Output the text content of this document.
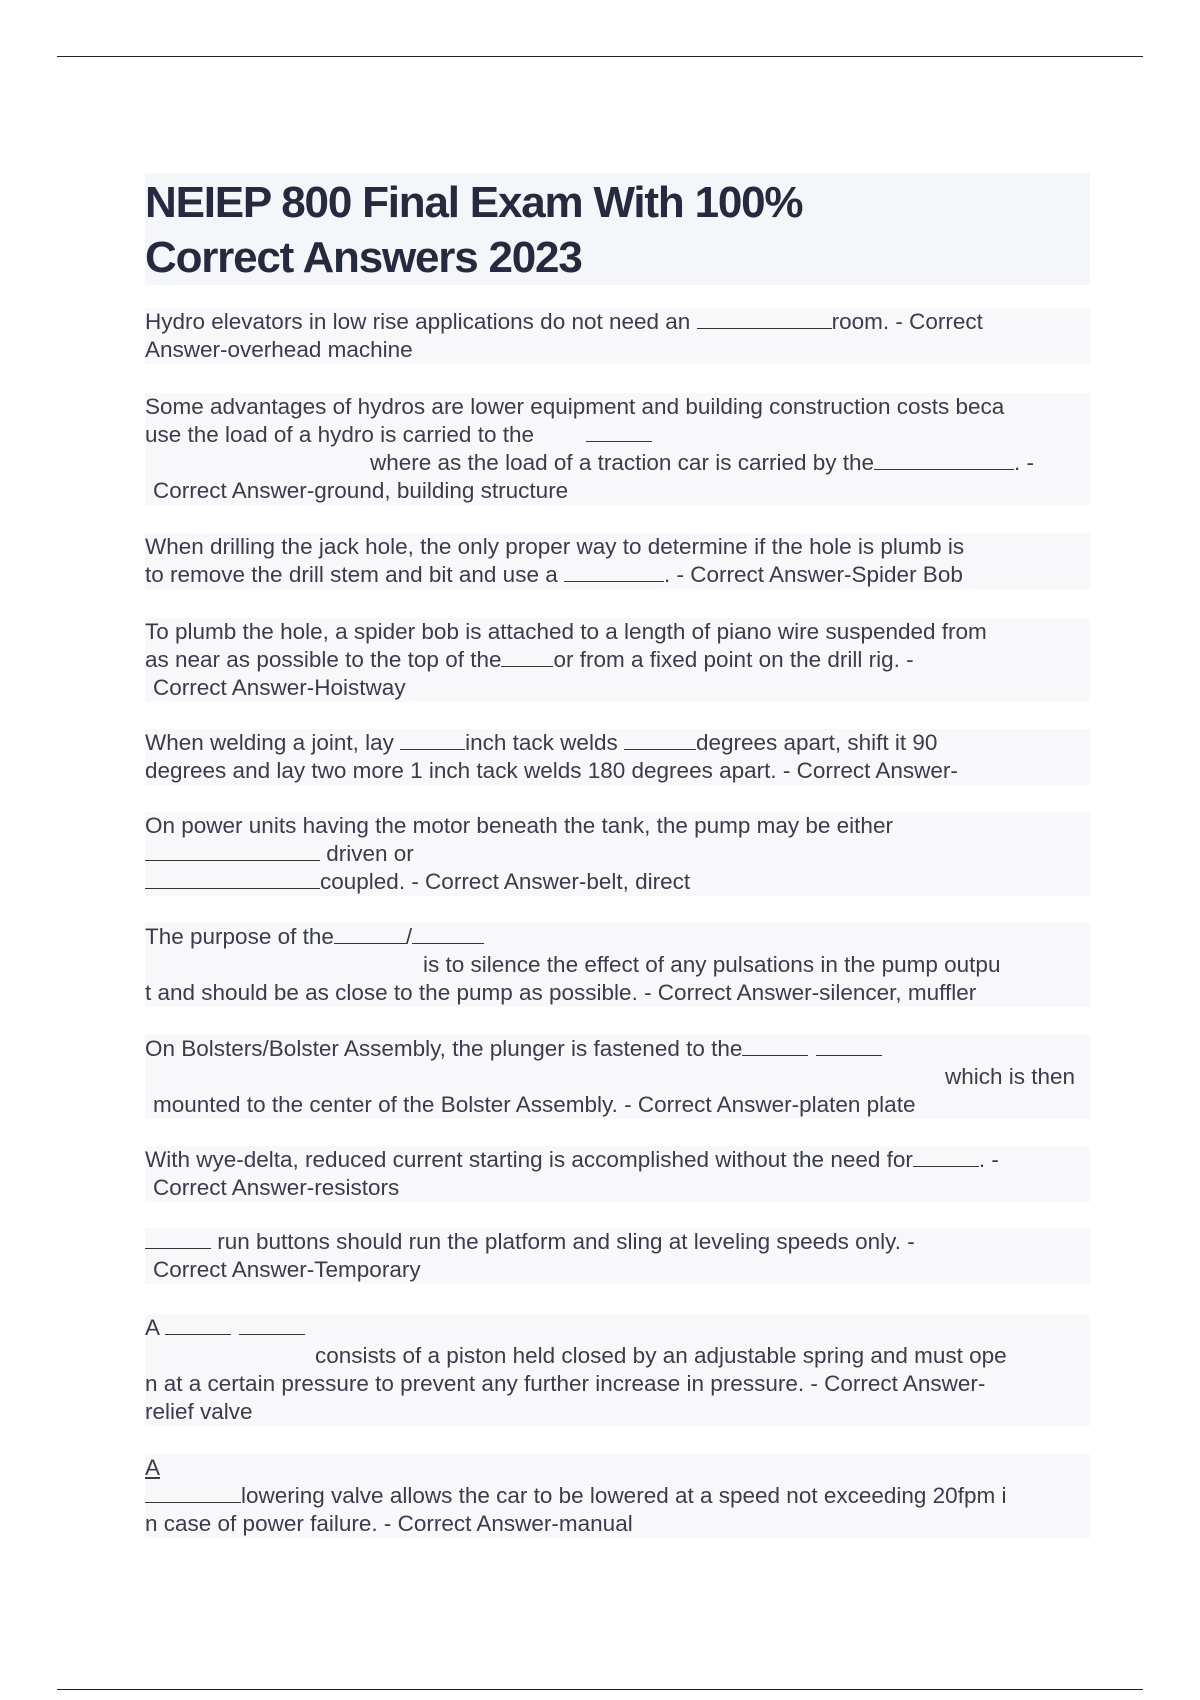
NEIEP 800 Final Exam With 100%
Correct Answers 2023
Hydro elevators in low rise applications do not need an	room. - Correct
Answer-overhead machine
Some advantages of hydros are lower equipment and building construction costs beca
use the load of a hydro is carried to the
where as the load of a traction car is carried by the	. -
Correct Answer-ground, building structure
When drilling the jack hole, the only proper way to determine if the hole is plumb is
to remove the drill stem and bit and use a	. - Correct Answer-Spider Bob
To plumb the hole, a spider bob is attached to a length of piano wire suspended from
as near as possible to the top of the or from a fixed point on the drill rig. -
Correct Answer-Hoistway
When welding a joint, lay	inch tack welds	degrees apart, shift it 90
degrees and lay two more 1 inch tack welds 180 degrees apart. - Correct Answer-
On power units having the motor beneath the tank, the pump may be either
driven or
coupled. - Correct Answer-belt, direct
The purpose of the	/
is to silence the effect of any pulsations in the pump outpu
t and should be as close to the pump as possible. - Correct Answer-silencer, muffler
On Bolsters/Bolster Assembly, the plunger is fastened to the
which is then
mounted to the center of the Bolster Assembly. - Correct Answer-platen plate
With wye-delta, reduced current starting is accomplished without the need for	. -
Correct Answer-resistors
run buttons should run the platform and sling at leveling speeds only. -
Correct Answer-Temporary
A
consists of a piston held closed by an adjustable spring and must ope
n at a certain pressure to prevent any further increase in pressure. - Correct Answer-
relief valve
A
lowering valve allows the car to be lowered at a speed not exceeding 20fpm i
n case of power failure. - Correct Answer-manual
